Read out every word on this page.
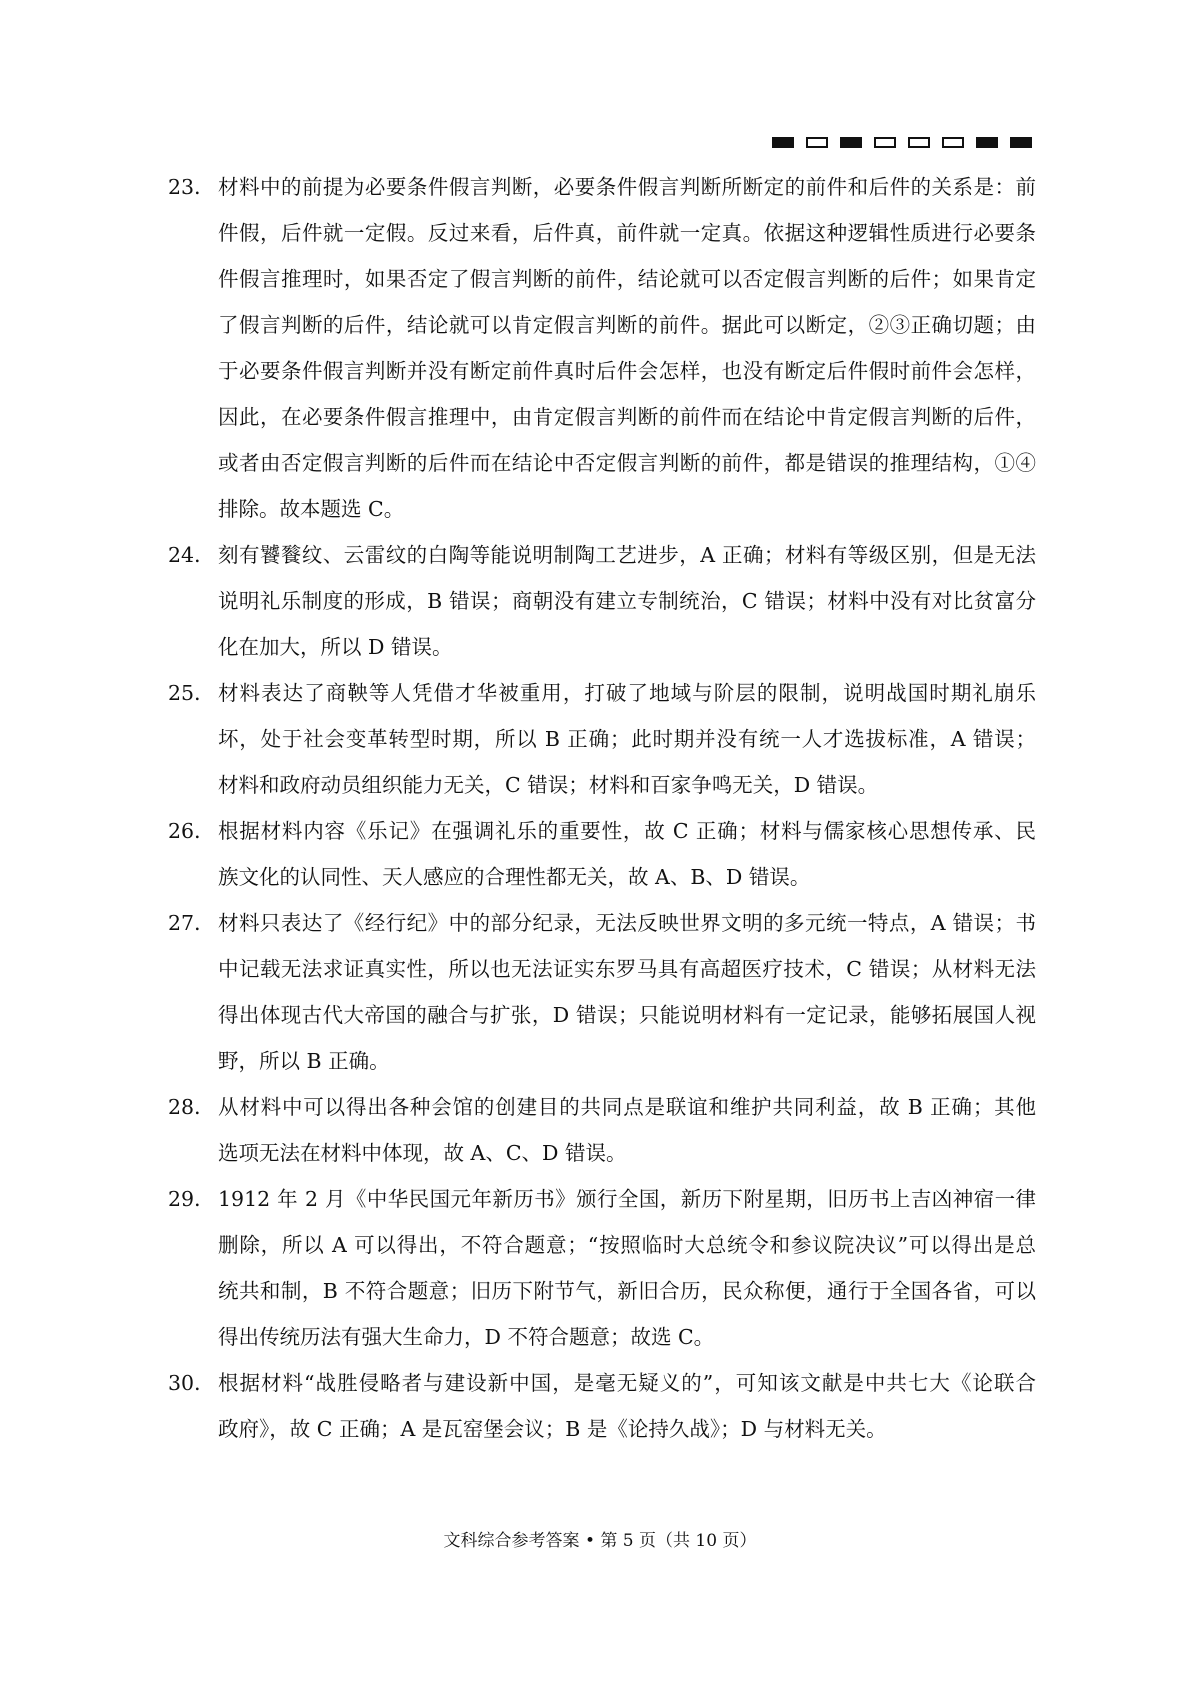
23． 材料中的前提为必要条件假言判断，必要条件假言判断所断定的前件和后件的关系是：前
件假，后件就一定假。反过来看，后件真，前件就一定真。依据这种逻辑性质进行必要条
件假言推理时，如果否定了假言判断的前件，结论就可以否定假言判断的后件；如果肯定
了假言判断的后件，结论就可以肯定假言判断的前件。据此可以断定，②③正确切题；由
于必要条件假言判断并没有断定前件真时后件会怎样，也没有断定后件假时前件会怎样，
因此，在必要条件假言推理中，由肯定假言判断的前件而在结论中肯定假言判断的后件，
或者由否定假言判断的后件而在结论中否定假言判断的前件，都是错误的推理结构，①④
排除。故本题选 C。
24． 刻有饕餮纹、云雷纹的白陶等能说明制陶工艺进步，A 正确；材料有等级区别，但是无法
说明礼乐制度的形成，B 错误；商朝没有建立专制统治，C 错误；材料中没有对比贫富分
化在加大，所以 D 错误。
25． 材料表达了商鞅等人凭借才华被重用，打破了地域与阶层的限制，说明战国时期礼崩乐
坏，处于社会变革转型时期，所以 B 正确；此时期并没有统一人才选拔标准，A 错误；
材料和政府动员组织能力无关，C 错误；材料和百家争鸣无关，D 错误。
26． 根据材料内容《乐记》在强调礼乐的重要性，故 C 正确；材料与儒家核心思想传承、民
族文化的认同性、天人感应的合理性都无关，故 A、B、D 错误。
27． 材料只表达了《经行纪》中的部分纪录，无法反映世界文明的多元统一特点，A 错误；书
中记载无法求证真实性，所以也无法证实东罗马具有高超医疗技术，C 错误；从材料无法
得出体现古代大帝国的融合与扩张，D 错误；只能说明材料有一定记录，能够拓展国人视
野，所以 B 正确。
28． 从材料中可以得出各种会馆的创建目的共同点是联谊和维护共同利益，故 B 正确；其他
选项无法在材料中体现，故 A、C、D 错误。
29． 1912 年 2 月《中华民国元年新历书》颁行全国，新历下附星期，旧历书上吉凶神宿一律
删除，所以 A 可以得出，不符合题意；“按照临时大总统令和参议院决议”可以得出是总
统共和制，B 不符合题意；旧历下附节气，新旧合历，民众称便，通行于全国各省，可以
得出传统历法有强大生命力，D 不符合题意；故选 C。
30． 根据材料“战胜侵略者与建设新中国，是毫无疑义的”，可知该文献是中共七大《论联合
政府》，故 C 正确；A 是瓦窑堡会议；B 是《论持久战》；D 与材料无关。
文科综合参考答案 • 第 5 页（共 10 页）
